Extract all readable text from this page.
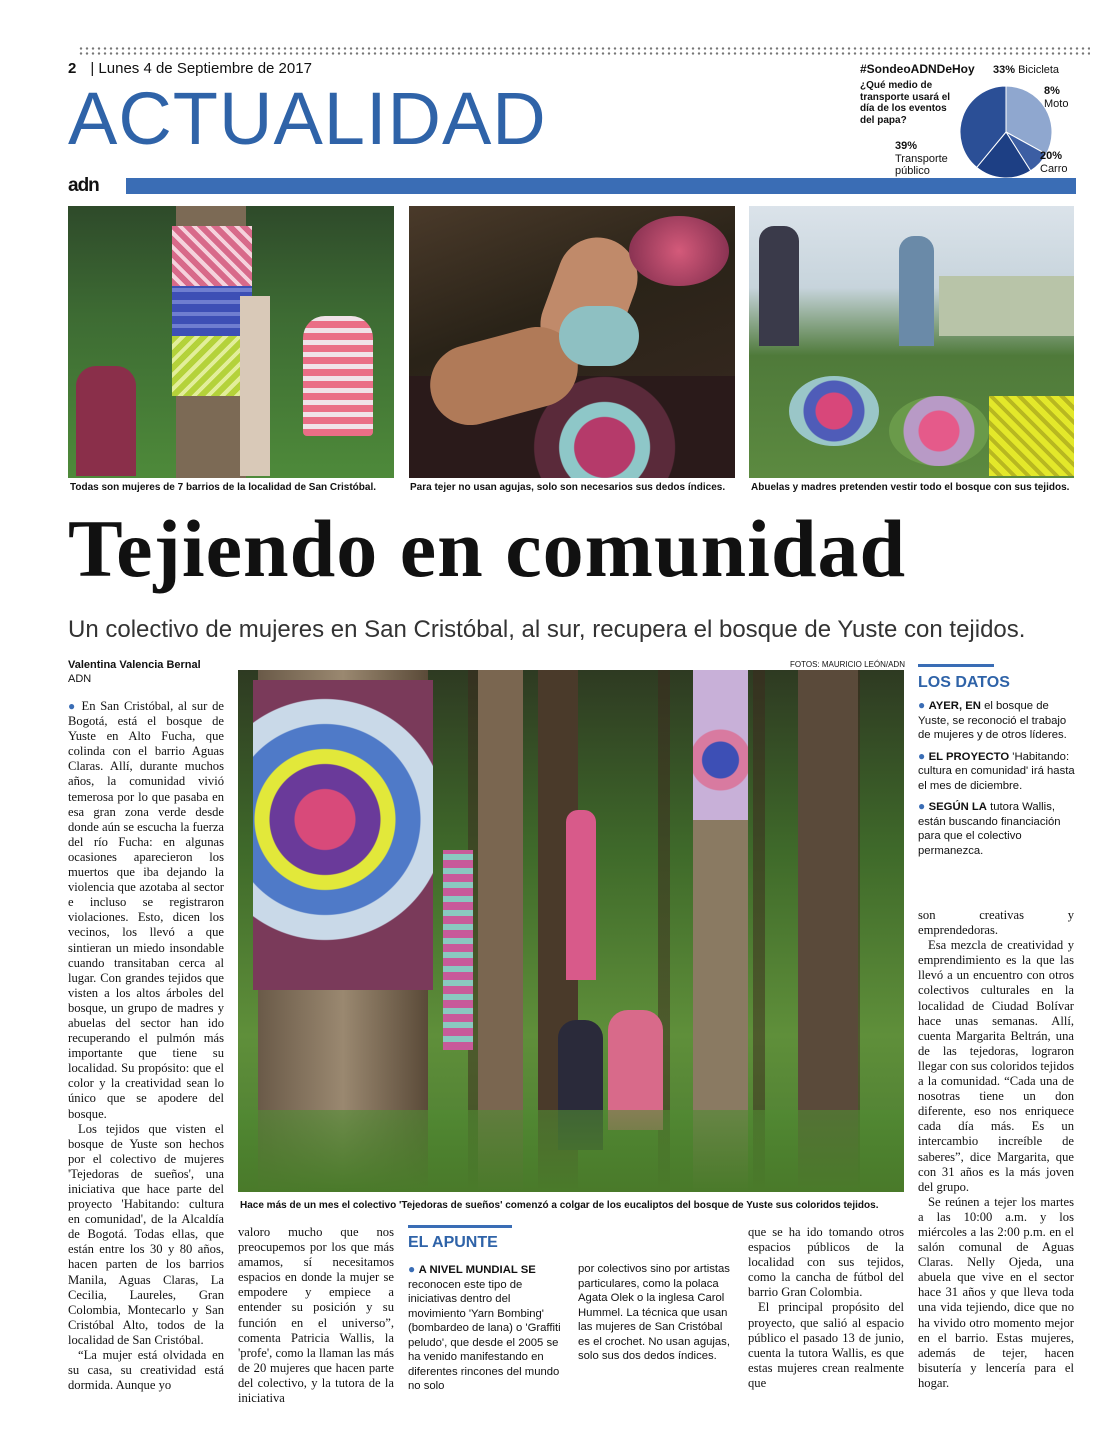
2 | Lunes 4 de Septiembre de 2017
ACTUALIDAD
#SondeoADNDeHoy
¿Qué medio de transporte usará el día de los eventos del papa?
33% Bicicleta
8%
Moto
20%
Carro
39%
Transporte
público
adn
Todas son mujeres de 7 barrios de la localidad de San Cristóbal.	Para tejer no usan agujas, solo son necesarios sus dedos índices.	Abuelas y madres pretenden vestir todo el bosque con sus tejidos.
Tejiendo en comunidad
Un colectivo de mujeres en San Cristóbal, al sur, recupera el bosque de Yuste con tejidos.
Valentina Valencia Bernal
ADN
FOTOS: MAURICIO LEÓN/ADN
Hace más de un mes el colectivo 'Tejedoras de sueños' comenzó a colgar de los eucaliptos del bosque de Yuste sus coloridos tejidos.

● En San Cristóbal, al sur de Bogotá, está el bosque de Yuste en Alto Fucha, que colinda con el barrio Aguas Claras. Allí, durante muchos años, la comunidad vivió temerosa por lo que pasaba en esa gran zona verde desde donde aún se escucha la fuerza del río Fucha: en algunas ocasiones aparecieron los muertos que iba dejando la violencia que azotaba al sector e incluso se registraron violaciones. Esto, dicen los vecinos, los llevó a que sintieran un miedo insondable cuando transitaban cerca al lugar. Con grandes tejidos que visten a los altos árboles del bosque, un grupo de madres y abuelas del sector han ido recuperando el pulmón más importante que tiene su localidad. Su propósito: que el color y la creatividad sean lo único que se apodere del bosque.

Los tejidos que visten el bosque de Yuste son hechos por el colectivo de mujeres 'Tejedoras de sueños', una iniciativa que hace parte del proyecto 'Habitando: cultura en comunidad', de la Alcaldía de Bogotá. Todas ellas, que están entre los 30 y 80 años, hacen parten de los barrios Manila, Aguas Claras, La Cecilia, Laureles, Gran Colombia, Montecarlo y San Cristóbal Alto, todos de la localidad de San Cristóbal.

“La mujer está olvidada en su casa, su creatividad está dormida. Aunque yo

valoro mucho que nos preocupemos por los que más amamos, sí necesitamos espacios en donde la mujer se empodere y empiece a entender su posición y su función en el universo”, comenta Patricia Wallis, la 'profe', como la llaman las más de 20 mujeres que hacen parte del colectivo, y la tutora de la iniciativa

EL APUNTE
● A NIVEL MUNDIAL SE reconocen este tipo de iniciativas dentro del movimiento 'Yarn Bombing' (bombardeo de lana) o 'Graffiti peludo', que desde el 2005 se ha venido manifestando en diferentes rincones del mundo no solo
por colectivos sino por artistas particulares, como la polaca Agata Olek o la inglesa Carol Hummel. La técnica que usan las mujeres de San Cristóbal es el crochet. No usan agujas, solo sus dos dedos índices.

que se ha ido tomando otros espacios públicos de la localidad con sus tejidos, como la cancha de fútbol del barrio Gran Colombia.

El principal propósito del proyecto, que salió al espacio público el pasado 13 de junio, cuenta la tutora Wallis, es que estas mujeres crean realmente que

LOS DATOS
● AYER, EN el bosque de Yuste, se reconoció el trabajo de mujeres y de otros líderes.
● EL PROYECTO 'Habitando: cultura en comunidad' irá hasta el mes de diciembre.
● SEGÚN LA tutora Wallis, están buscando financiación para que el colectivo permanezca.

son creativas y emprendedoras.

Esa mezcla de creatividad y emprendimiento es la que las llevó a un encuentro con otros colectivos culturales en la localidad de Ciudad Bolívar hace unas semanas. Allí, cuenta Margarita Beltrán, una de las tejedoras, lograron llegar con sus coloridos tejidos a la comunidad. “Cada una de nosotras tiene un don diferente, eso nos enriquece cada día más. Es un intercambio increíble de saberes”, dice Margarita, que con 31 años es la más joven del grupo.

Se reúnen a tejer los martes a las 10:00 a.m. y los miércoles a las 2:00 p.m. en el salón comunal de Aguas Claras. Nelly Ojeda, una abuela que vive en el sector hace 31 años y que lleva toda una vida tejiendo, dice que no ha vivido otro momento mejor en el barrio. Estas mujeres, además de tejer, hacen bisutería y lencería para el hogar.
